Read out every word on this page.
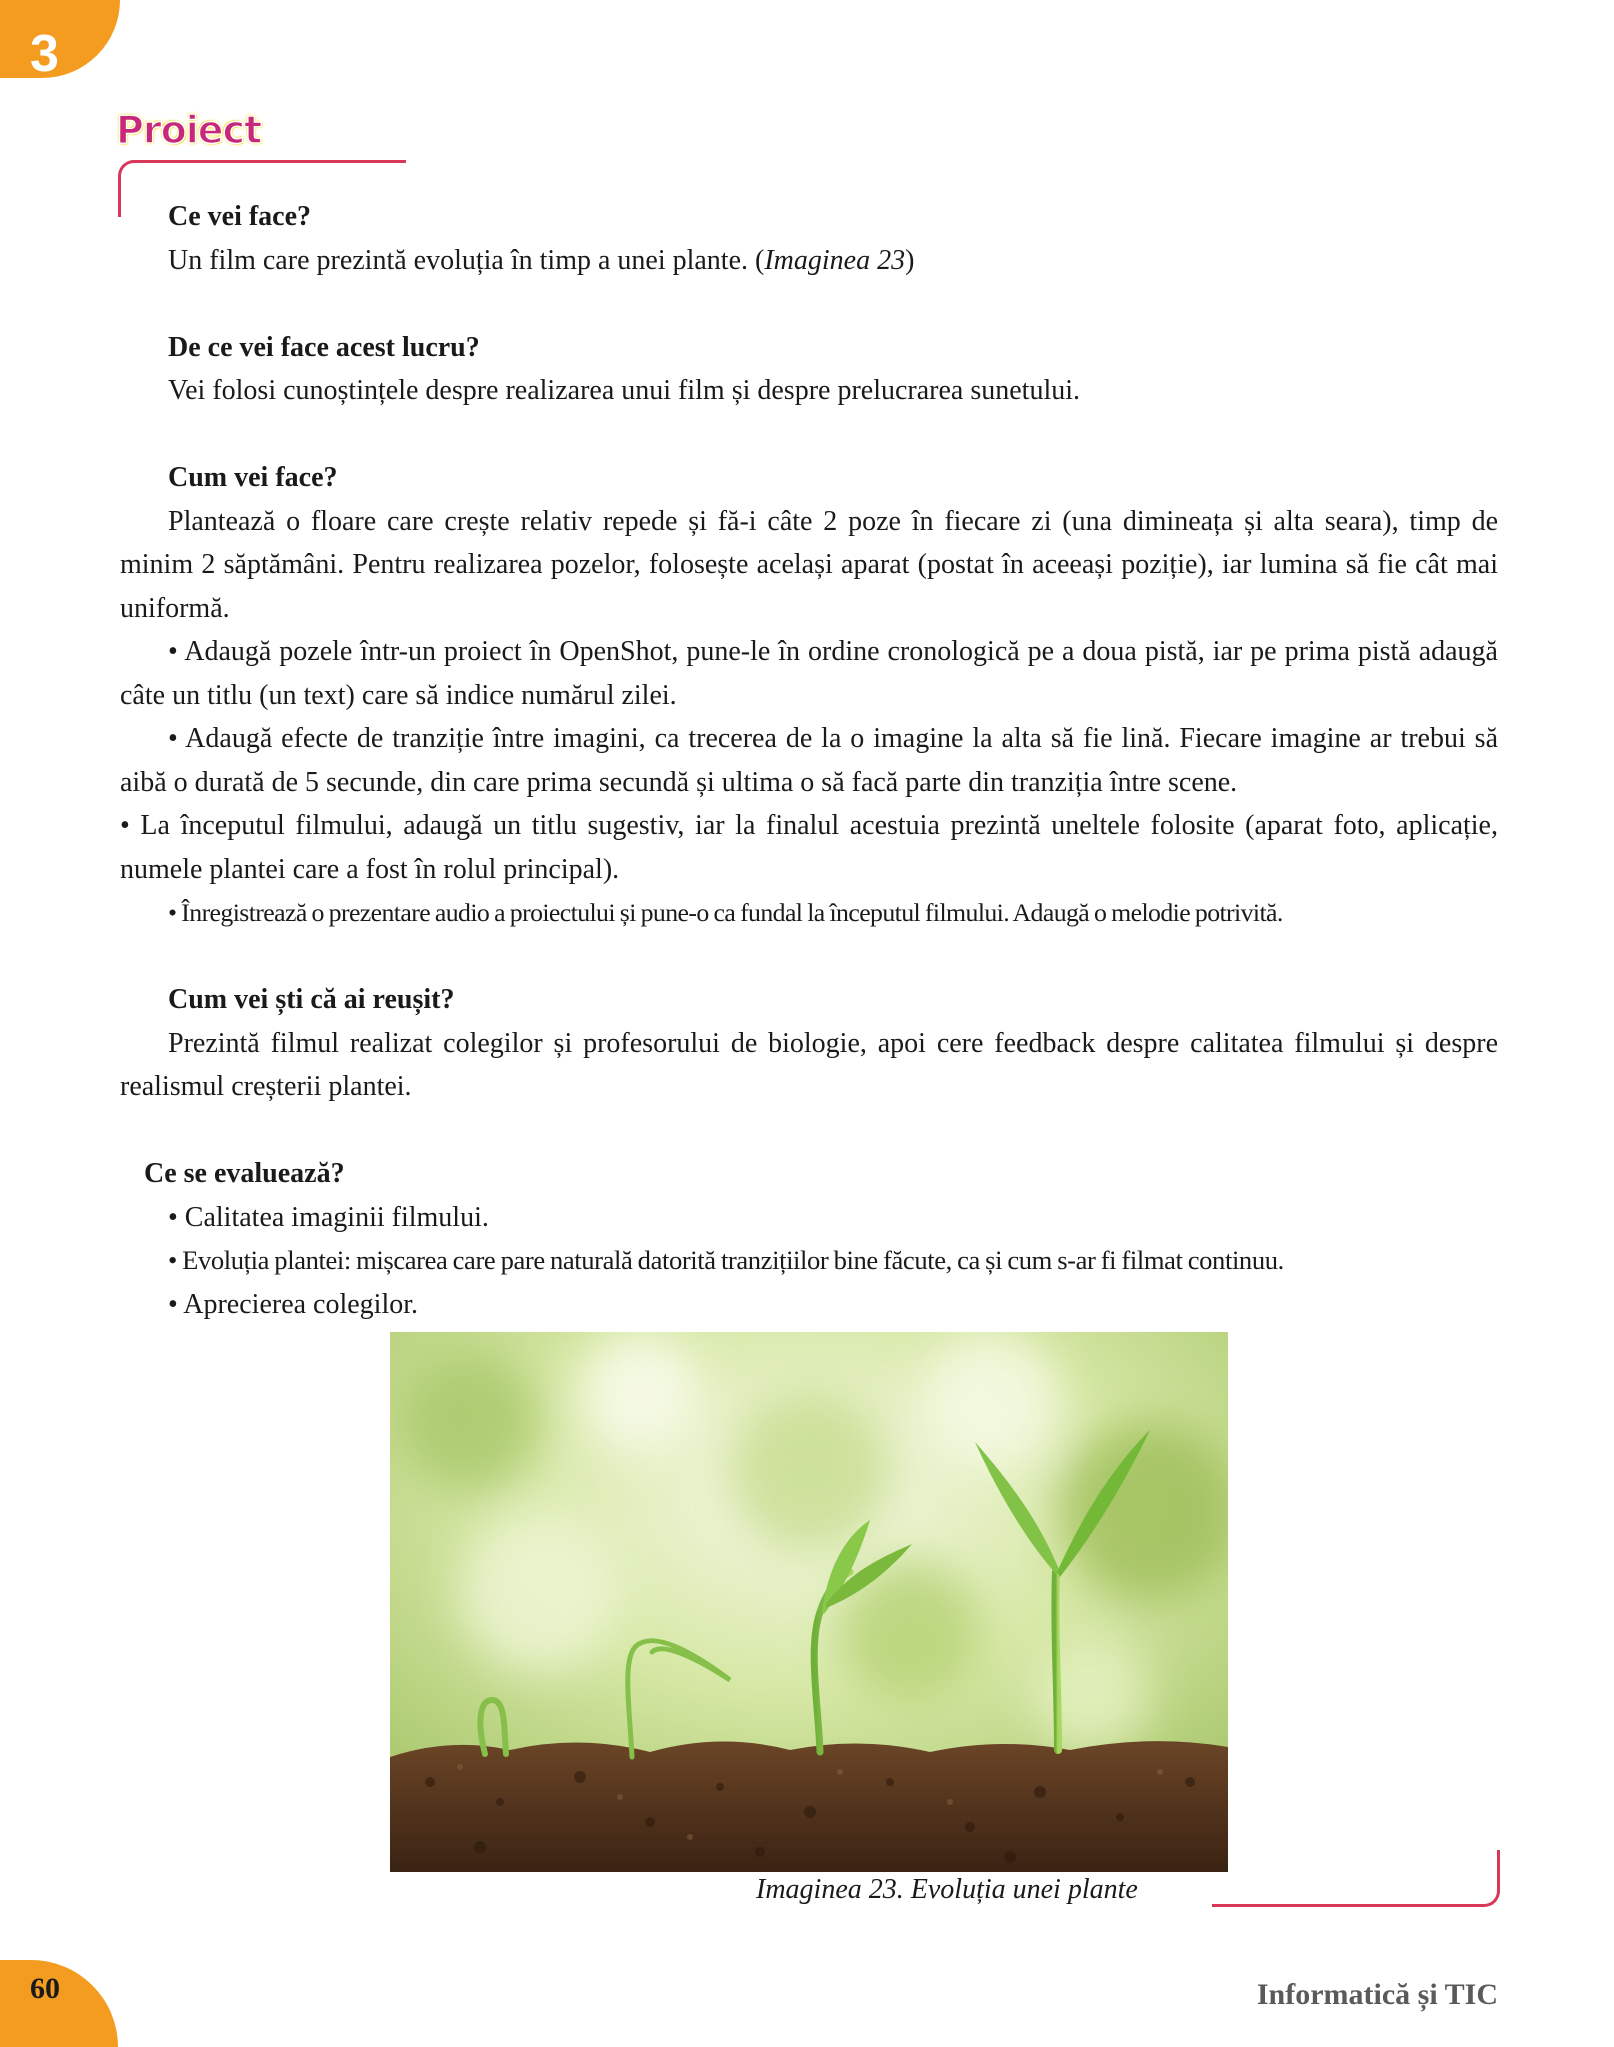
3
Proiect

Ce vei face?

Un film care prezintă evoluția în timp a unei plante. (Imaginea 23)

De ce vei face acest lucru?

Vei folosi cunoștințele despre realizarea unui film și despre prelucrarea sunetului.

Cum vei face?

Plantează o floare care crește relativ repede și fă-i câte 2 poze în fiecare zi (una dimineața și alta seara), timp de minim 2 săptămâni. Pentru realizarea pozelor, folosește același aparat (postat în aceeași poziție), iar lumina să fie cât mai uniformă.

• Adaugă pozele într-un proiect în OpenShot, pune-le în ordine cronologică pe a doua pistă, iar pe prima pistă adaugă câte un titlu (un text) care să indice numărul zilei.

• Adaugă efecte de tranziție între imagini, ca trecerea de la o imagine la alta să fie lină. Fiecare imagine ar trebui să aibă o durată de 5 secunde, din care prima secundă și ultima o să facă parte din tranziția între scene.

• La începutul filmului, adaugă un titlu sugestiv, iar la finalul acestuia prezintă uneltele folosite (aparat foto, aplicație, numele plantei care a fost în rolul principal).

• Înregistrează o prezentare audio a proiectului și pune-o ca fundal la începutul filmului. Adaugă o melodie potrivită.

Cum vei ști că ai reușit?

Prezintă filmul realizat colegilor și profesorului de biologie, apoi cere feedback despre calitatea filmului și despre realismul creșterii plantei.

Ce se evaluează?

• Calitatea imaginii filmului.

• Evoluția plantei: mișcarea care pare naturală datorită tranzițiilor bine făcute, ca și cum s-ar fi filmat continuu.

• Aprecierea colegilor.

Imaginea 23. Evoluția unei plante
60	Informatică și TIC
